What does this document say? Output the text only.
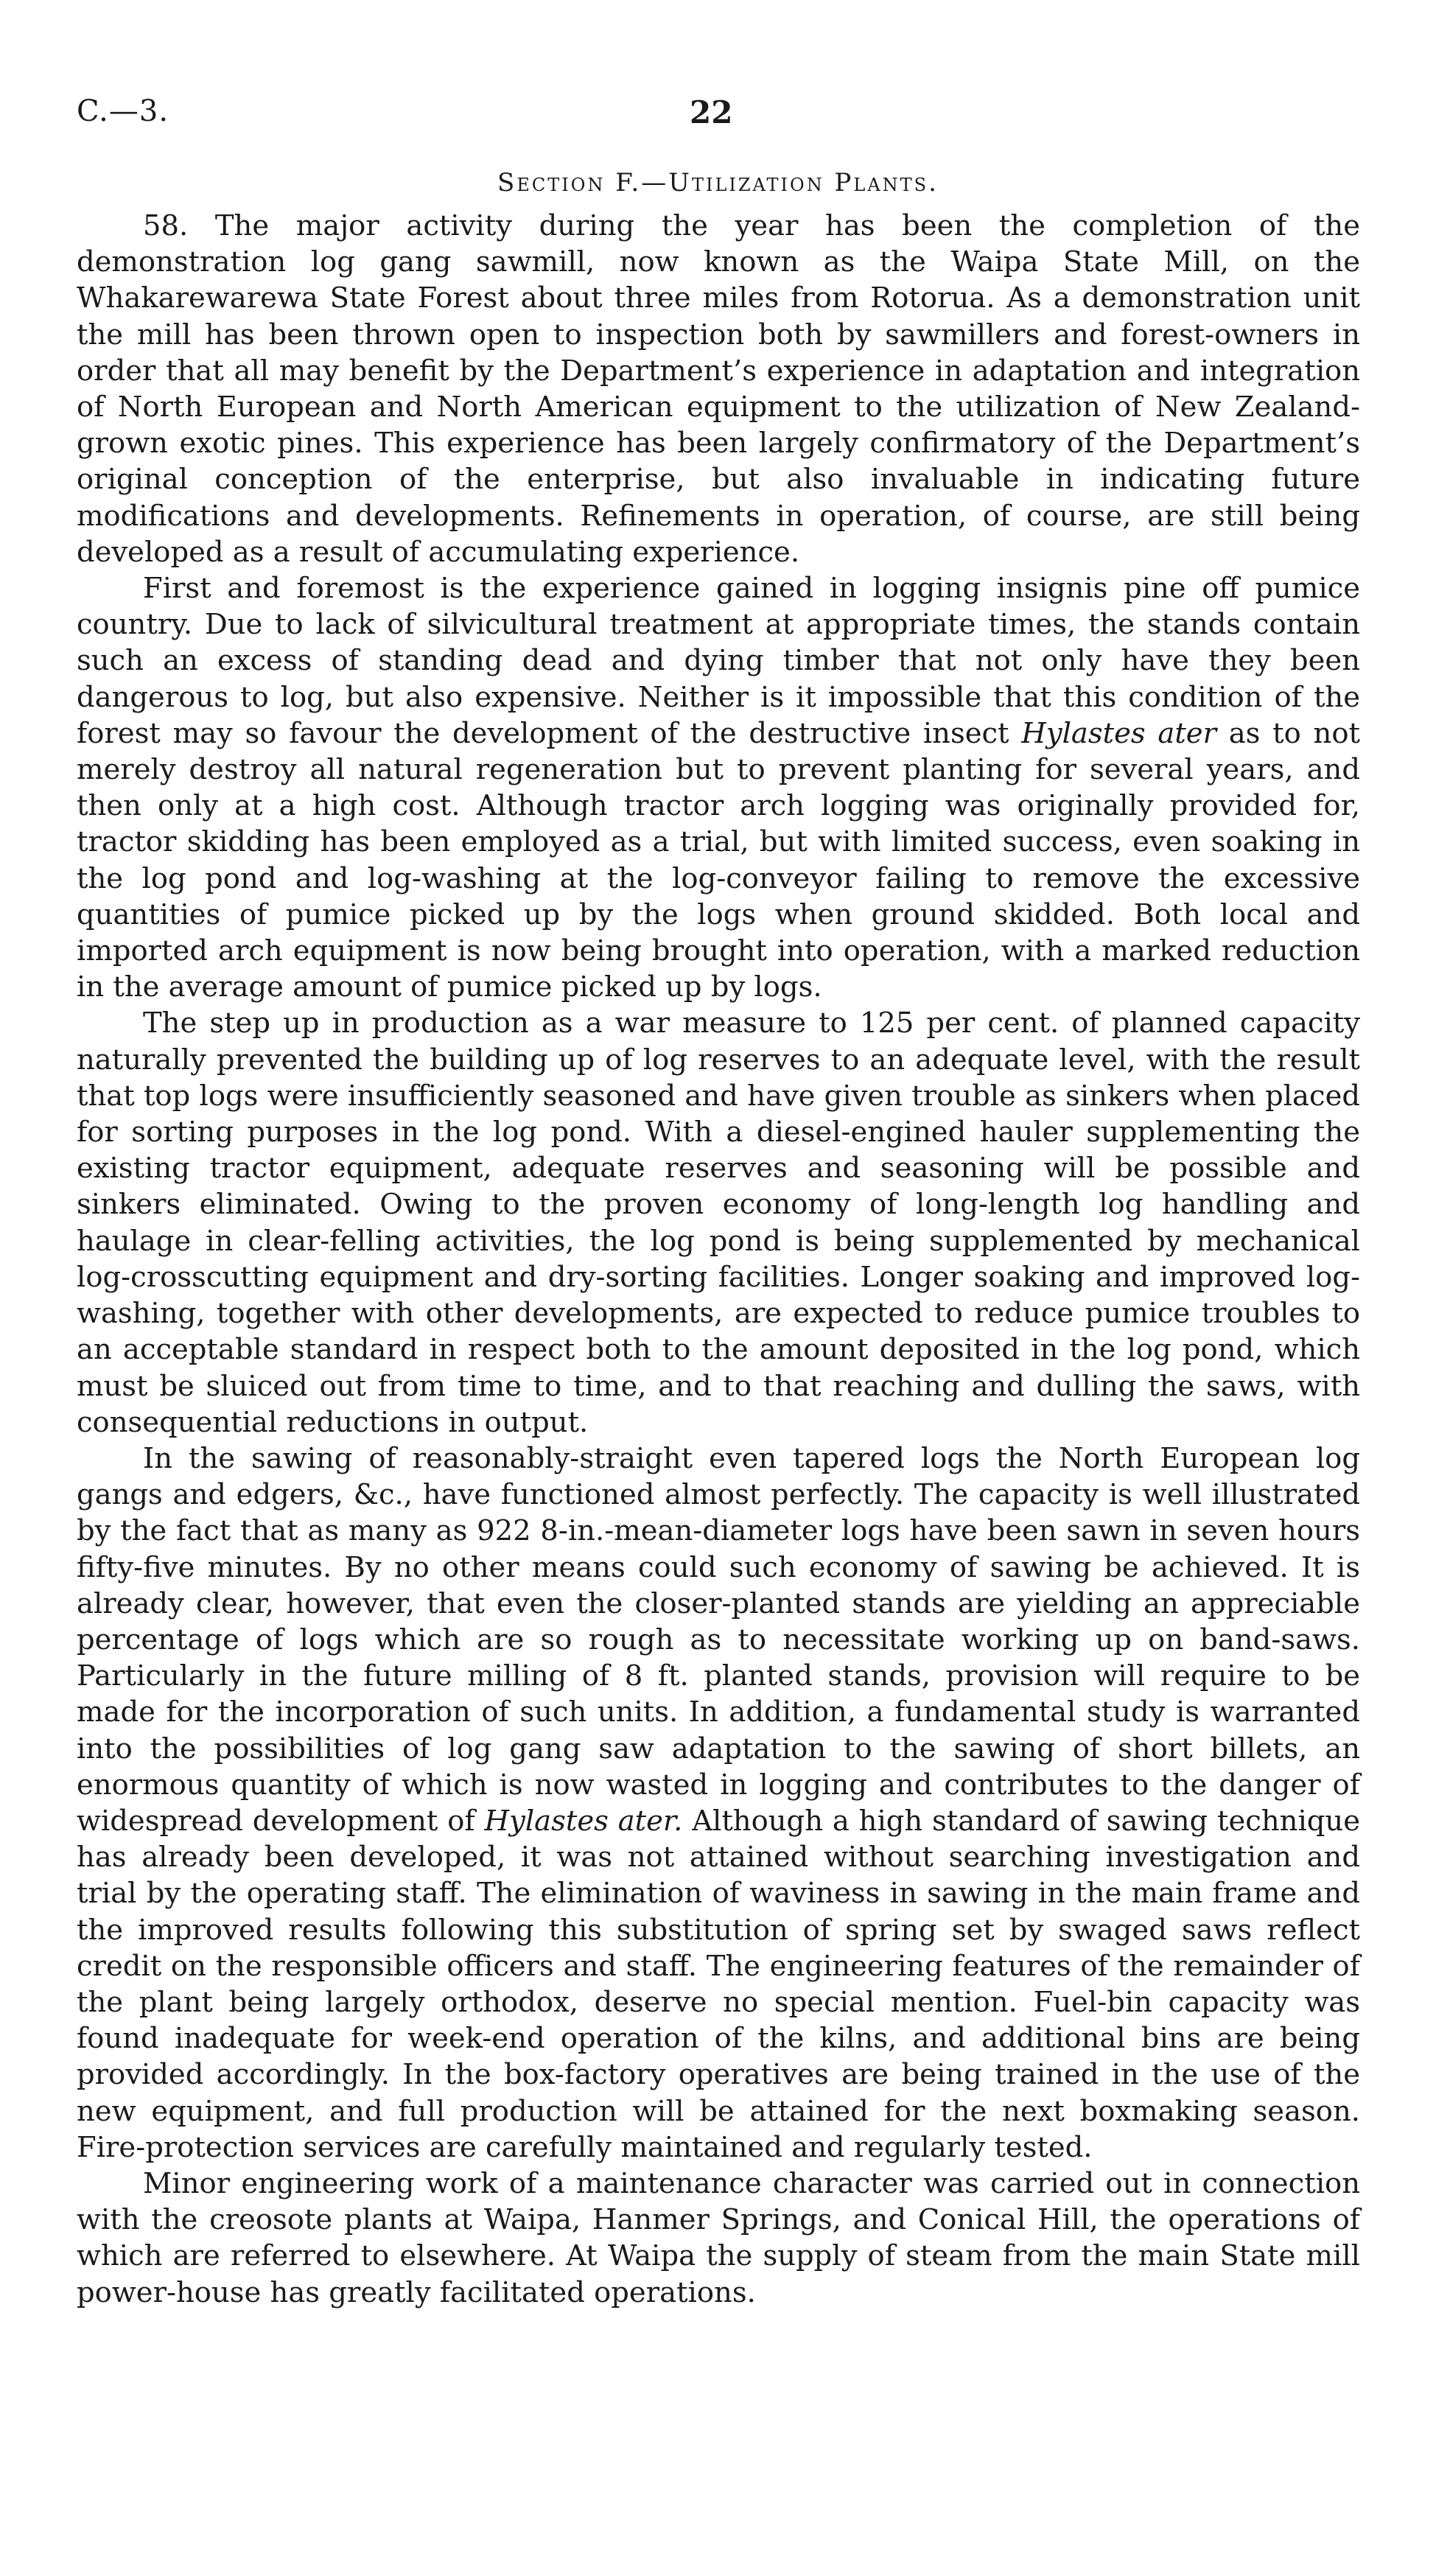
C.—3.	22
Section F.—Utilization Plants.

58. The major activity during the year has been the completion of the demonstration log gang sawmill, now known as the Waipa State Mill, on the Whakarewarewa State Forest about three miles from Rotorua. As a demonstration unit the mill has been thrown open to inspection both by sawmillers and forest-owners in order that all may benefit by the Department’s experience in adaptation and integration of North European and North American equipment to the utilization of New Zealand-grown exotic pines. This experience has been largely confirmatory of the Department’s original conception of the enterprise, but also invaluable in indicating future modifications and developments. Refinements in operation, of course, are still being developed as a result of accumulating experience.

First and foremost is the experience gained in logging insignis pine off pumice country. Due to lack of silvicultural treatment at appropriate times, the stands contain such an excess of standing dead and dying timber that not only have they been dangerous to log, but also expensive. Neither is it impossible that this condition of the forest may so favour the development of the destructive insect Hylastes ater as to not merely destroy all natural regeneration but to prevent planting for several years, and then only at a high cost. Although tractor arch logging was originally provided for, tractor skidding has been employed as a trial, but with limited success, even soaking in the log pond and log-washing at the log-conveyor failing to remove the excessive quantities of pumice picked up by the logs when ground skidded. Both local and imported arch equipment is now being brought into operation, with a marked reduction in the average amount of pumice picked up by logs.

The step up in production as a war measure to 125 per cent. of planned capacity naturally prevented the building up of log reserves to an adequate level, with the result that top logs were insufficiently seasoned and have given trouble as sinkers when placed for sorting purposes in the log pond. With a diesel-engined hauler supplementing the existing tractor equipment, adequate reserves and seasoning will be possible and sinkers eliminated. Owing to the proven economy of long-length log handling and haulage in clear-felling activities, the log pond is being supplemented by mechanical log-crosscutting equipment and dry-sorting facilities. Longer soaking and improved log-washing, together with other developments, are expected to reduce pumice troubles to an acceptable standard in respect both to the amount deposited in the log pond, which must be sluiced out from time to time, and to that reaching and dulling the saws, with consequential reductions in output.

In the sawing of reasonably-straight even tapered logs the North European log gangs and edgers, &c., have functioned almost perfectly. The capacity is well illustrated by the fact that as many as 922 8-in.-mean-diameter logs have been sawn in seven hours fifty-five minutes. By no other means could such economy of sawing be achieved. It is already clear, however, that even the closer-planted stands are yielding an appreciable percentage of logs which are so rough as to necessitate working up on band-saws. Particularly in the future milling of 8 ft. planted stands, provision will require to be made for the incorporation of such units. In addition, a fundamental study is warranted into the possibilities of log gang saw adaptation to the sawing of short billets, an enormous quantity of which is now wasted in logging and contributes to the danger of widespread development of Hylastes ater. Although a high standard of sawing technique has already been developed, it was not attained without searching investigation and trial by the operating staff. The elimination of waviness in sawing in the main frame and the improved results following this substitution of spring set by swaged saws reflect credit on the responsible officers and staff. The engineering features of the remainder of the plant being largely orthodox, deserve no special mention. Fuel-bin capacity was found inadequate for week-end operation of the kilns, and additional bins are being provided accordingly. In the box-factory operatives are being trained in the use of the new equipment, and full production will be attained for the next boxmaking season. Fire-protection services are carefully maintained and regularly tested.

Minor engineering work of a maintenance character was carried out in connection with the creosote plants at Waipa, Hanmer Springs, and Conical Hill, the operations of which are referred to elsewhere. At Waipa the supply of steam from the main State mill power-house has greatly facilitated operations.
